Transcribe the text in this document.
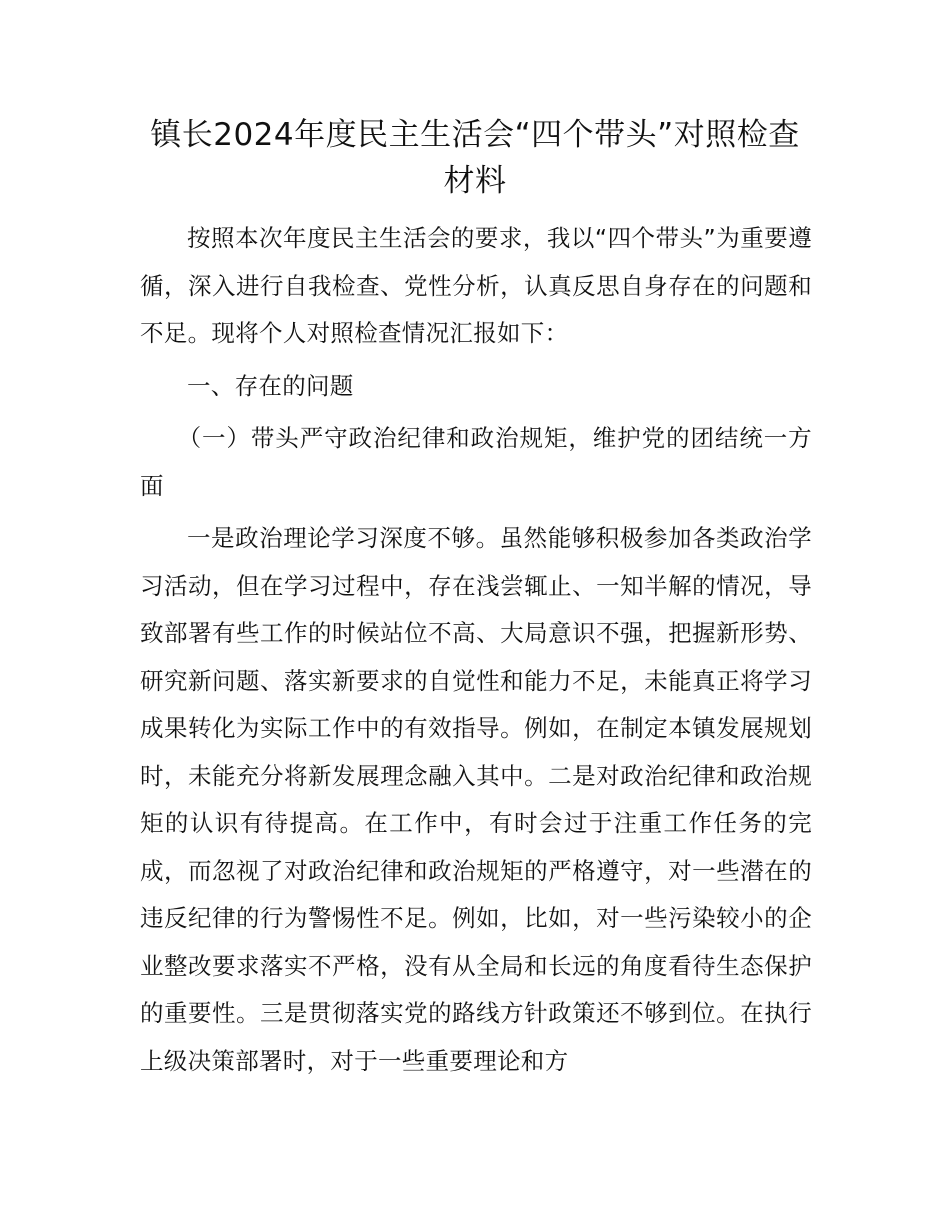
镇长2024年度民主生活会“四个带头”对照检查材料

按照本次年度民主生活会的要求，我以“四个带头”为重要遵循，深入进行自我检查、党性分析，认真反思自身存在的问题和不足。现将个人对照检查情况汇报如下：

一、存在的问题

（一）带头严守政治纪律和政治规矩，维护党的团结统一方面

一是政治理论学习深度不够。虽然能够积极参加各类政治学习活动，但在学习过程中，存在浅尝辄止、一知半解的情况，导致部署有些工作的时候站位不高、大局意识不强，把握新形势、研究新问题、落实新要求的自觉性和能力不足，未能真正将学习成果转化为实际工作中的有效指导。例如，在制定本镇发展规划时，未能充分将新发展理念融入其中。二是对政治纪律和政治规矩的认识有待提高。在工作中，有时会过于注重工作任务的完成，而忽视了对政治纪律和政治规矩的严格遵守，对一些潜在的违反纪律的行为警惕性不足。例如，比如，对一些污染较小的企业整改要求落实不严格，没有从全局和长远的角度看待生态保护的重要性。三是贯彻落实党的路线方针政策还不够到位。在执行上级决策部署时，对于一些重要理论和方
